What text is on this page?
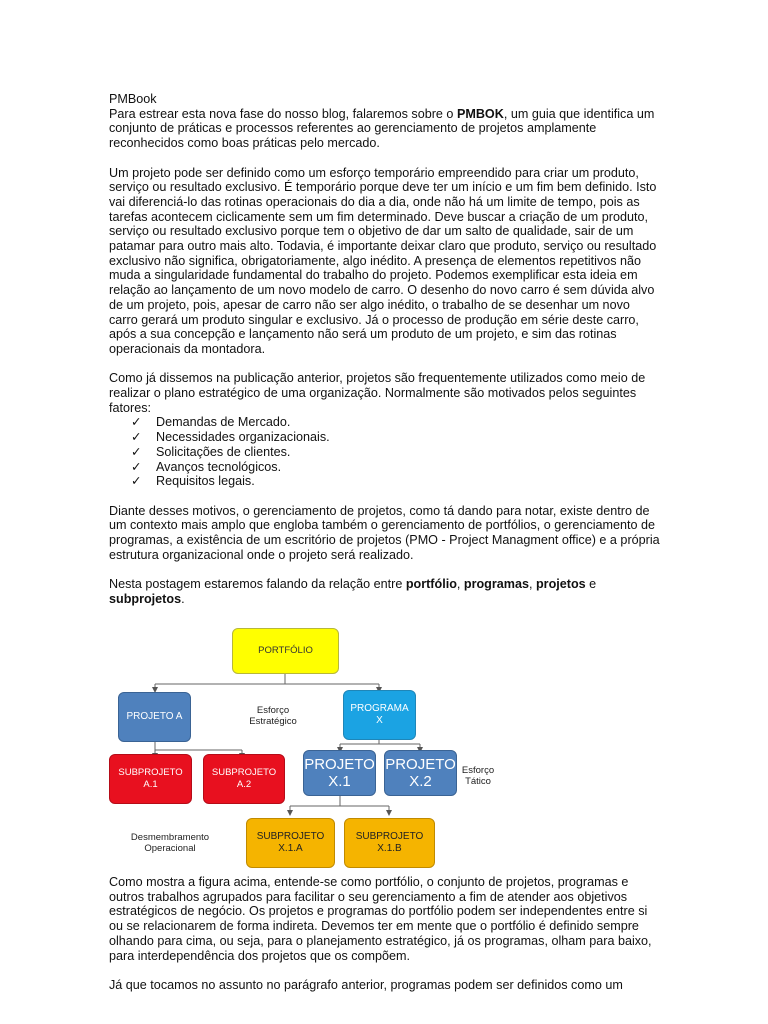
PMBook

Para estrear esta nova fase do nosso blog, falaremos sobre o PMBOK, um guia que identifica um conjunto de práticas e processos referentes ao gerenciamento de projetos amplamente reconhecidos como boas práticas pelo mercado.

Um projeto pode ser definido como um esforço temporário empreendido para criar um produto, serviço ou resultado exclusivo. É temporário porque deve ter um início e um fim bem definido. Isto vai diferenciá-lo das rotinas operacionais do dia a dia, onde não há um limite de tempo, pois as tarefas acontecem ciclicamente sem um fim determinado. Deve buscar a criação de um produto, serviço ou resultado exclusivo porque tem o objetivo de dar um salto de qualidade, sair de um patamar para outro mais alto. Todavia, é importante deixar claro que produto, serviço ou resultado exclusivo não significa, obrigatoriamente, algo inédito. A presença de elementos repetitivos não muda a singularidade fundamental do trabalho do projeto. Podemos exemplificar esta ideia em relação ao lançamento de um novo modelo de carro. O desenho do novo carro é sem dúvida alvo de um projeto, pois, apesar de carro não ser algo inédito, o trabalho de se desenhar um novo carro gerará um produto singular e exclusivo. Já o processo de produção em série deste carro, após a sua concepção e lançamento não será um produto de um projeto, e sim das rotinas operacionais da montadora.

Como já dissemos na publicação anterior, projetos são frequentemente utilizados como meio de realizar o plano estratégico de uma organização. Normalmente são motivados pelos seguintes fatores:

✓ Demandas de Mercado.
✓ Necessidades organizacionais.
✓ Solicitações de clientes.
✓ Avanços tecnológicos.
✓ Requisitos legais.

Diante desses motivos, o gerenciamento de projetos, como tá dando para notar, existe dentro de um contexto mais amplo que engloba também o gerenciamento de portfólios, o gerenciamento de programas, a existência de um escritório de projetos (PMO - Project Managment office) e a própria estrutura organizacional onde o projeto será realizado.

Nesta postagem estaremos falando da relação entre portfólio, programas, projetos e subprojetos.

PORTFÓLIO
PROJETO A
PROGRAMA
X
Esforço
Estratégico
SUBPROJETO
A.1
SUBPROJETO
A.2
PROJETO
X.1
PROJETO
X.2
Esforço
Tático
Desmembramento
Operacional
SUBPROJETO
X.1.A
SUBPROJETO
X.1.B

Como mostra a figura acima, entende-se como portfólio, o conjunto de projetos, programas e outros trabalhos agrupados para facilitar o seu gerenciamento a fim de atender aos objetivos estratégicos de negócio. Os projetos e programas do portfólio podem ser independentes entre si ou se relacionarem de forma indireta. Devemos ter em mente que o portfólio é definido sempre olhando para cima, ou seja, para o planejamento estratégico, já os programas, olham para baixo, para interdependência dos projetos que os compõem.

Já que tocamos no assunto no parágrafo anterior, programas podem ser definidos como um
